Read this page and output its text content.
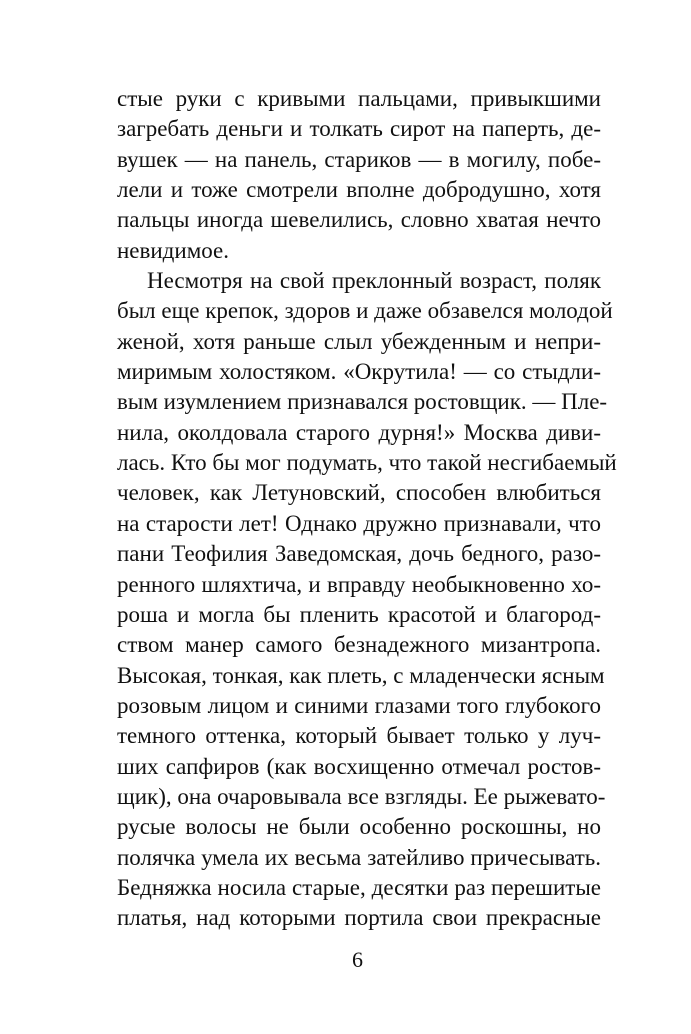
стые руки с кривыми пальцами, привыкшими
загребать деньги и толкать сирот на паперть, де-
вушек — на панель, стариков — в могилу, побе-
лели и тоже смотрели вполне добродушно, хотя
пальцы иногда шевелились, словно хватая нечто
невидимое.
Несмотря на свой преклонный возраст, поляк
был еще крепок, здоров и даже обзавелся молодой
женой, хотя раньше слыл убежденным и непри-
миримым холостяком. «Окрутила! — со стыдли-
вым изумлением признавался ростовщик. — Пле-
нила, околдовала старого дурня!» Москва диви-
лась. Кто бы мог подумать, что такой несгибаемый
человек, как Летуновский, способен влюбиться
на старости лет! Однако дружно признавали, что
пани Теофилия Заведомская, дочь бедного, разо-
ренного шляхтича, и вправду необыкновенно хо-
роша и могла бы пленить красотой и благород-
ством манер самого безнадежного мизантропа.
Высокая, тонкая, как плеть, с младенчески ясным
розовым лицом и синими глазами того глубокого
темного оттенка, который бывает только у луч-
ших сапфиров (как восхищенно отмечал ростов-
щик), она очаровывала все взгляды. Ее рыжевато-
русые волосы не были особенно роскошны, но
полячка умела их весьма затейливо причесывать.
Бедняжка носила старые, десятки раз перешитые
платья, над которыми портила свои прекрасные
6
